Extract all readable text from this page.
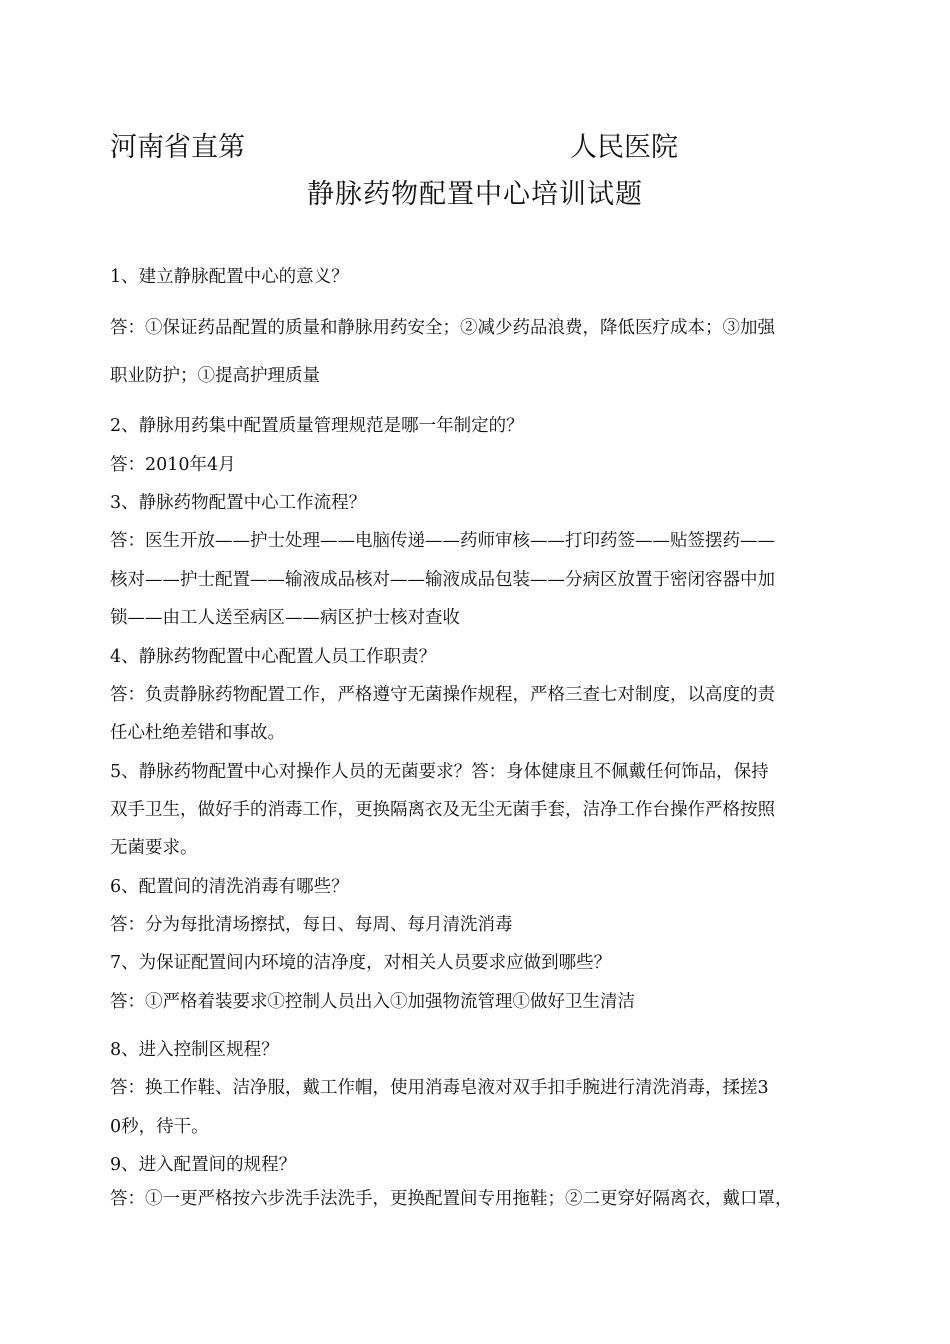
河南省直第	人民医院
静脉药物配置中心培训试题
1、建立静脉配置中心的意义？
答：①保证药品配置的质量和静脉用药安全；②减少药品浪费，降低医疗成本；③加强
职业防护；①提高护理质量
2、静脉用药集中配置质量管理规范是哪一年制定的？
答：2010年4月
3、静脉药物配置中心工作流程？
答：医生开放——护士处理——电脑传递——药师审核——打印药签——贴签摆药——
核对——护士配置——输液成品核对——输液成品包装——分病区放置于密闭容器中加
锁——由工人送至病区——病区护士核对查收
4、静脉药物配置中心配置人员工作职责？
答：负责静脉药物配置工作，严格遵守无菌操作规程，严格三查七对制度，以高度的责
任心杜绝差错和事故。
5、静脉药物配置中心对操作人员的无菌要求？答：身体健康且不佩戴任何饰品，保持
双手卫生，做好手的消毒工作，更换隔离衣及无尘无菌手套，洁净工作台操作严格按照
无菌要求。
6、配置间的清洗消毒有哪些？
答：分为每批清场擦拭，每日、每周、每月清洗消毒
7、为保证配置间内环境的洁净度，对相关人员要求应做到哪些？
答：①严格着装要求①控制人员出入①加强物流管理①做好卫生清洁
8、进入控制区规程？
答：换工作鞋、洁净服，戴工作帽，使用消毒皂液对双手扣手腕进行清洗消毒，揉搓3
0秒，待干。
9、进入配置间的规程？
答：①一更严格按六步洗手法洗手，更换配置间专用拖鞋；②二更穿好隔离衣，戴口罩，
